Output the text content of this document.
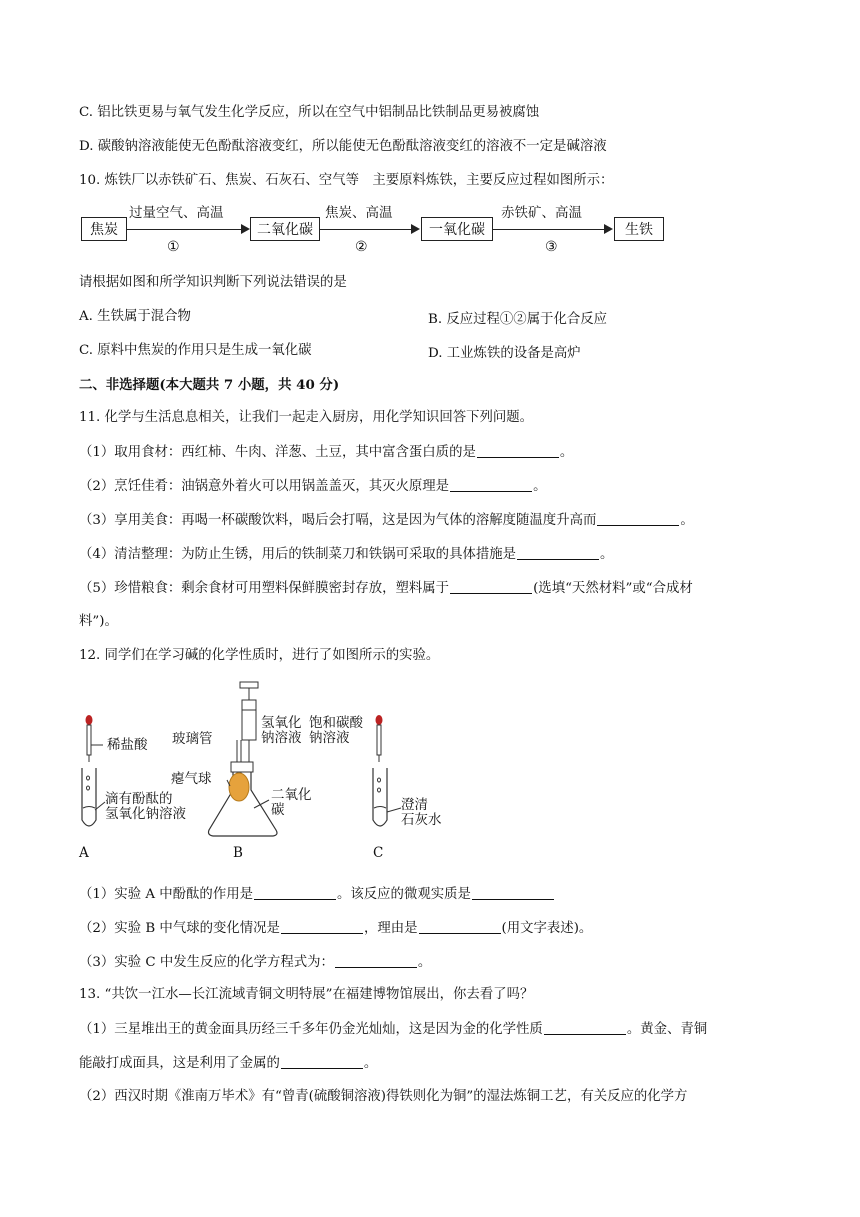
C. 铝比铁更易与氧气发生化学反应，所以在空气中铝制品比铁制品更易被腐蚀
D. 碳酸钠溶液能使无色酚酞溶液变红，所以能使无色酚酞溶液变红的溶液不一定是碱溶液
10. 炼铁厂以赤铁矿石、焦炭、石灰石、空气等　主要原料炼铁，主要反应过程如图所示：
焦炭
过量空气、高温
①
二氧化碳
焦炭、高温
②
一氧化碳
赤铁矿、高温
③
生铁
请根据如图和所学知识判断下列说法错误的是
A. 生铁属于混合物	B. 反应过程①②属于化合反应
C. 原料中焦炭的作用只是生成一氧化碳	D. 工业炼铁的设备是高炉
二、非选择题(本大题共 7 小题，共 40 分)
11. 化学与生活息息相关，让我们一起走入厨房，用化学知识回答下列问题。
（1）取用食材：西红柿、牛肉、洋葱、土豆，其中富含蛋白质的是	。
（2）烹饪佳肴：油锅意外着火可以用锅盖盖灭，其灭火原理是	。
（3）享用美食：再喝一杯碳酸饮料，喝后会打嗝，这是因为气体的溶解度随温度升高而	。
（4）清洁整理：为防止生锈，用后的铁制菜刀和铁锅可采取的具体措施是	。
（5）珍惜粮食：剩余食材可用塑料保鲜膜密封存放，塑料属于	(选填“天然材料”或“合成材
料”)。
12. 同学们在学习碱的化学性质时，进行了如图所示的实验。
稀盐酸
滴有酚酞的
氢氧化钠溶液
玻璃管
氢氧化
钠溶液
瘪气球
二氧化
碳
饱和碳酸
钠溶液
澄清
石灰水
A	B	C
（1）实验 A 中酚酞的作用是	。该反应的微观实质是
（2）实验 B 中气球的变化情况是	，理由是	(用文字表述)。
（3）实验 C 中发生反应的化学方程式为：	。
13. “共饮一江水—长江流域青铜文明特展”在福建博物馆展出，你去看了吗？
（1）三星堆出王的黄金面具历经三千多年仍金光灿灿，这是因为金的化学性质	。黄金、青铜
能敲打成面具，这是利用了金属的	。
（2）西汉时期《淮南万毕术》有“曾青(硫酸铜溶液)得铁则化为铜”的湿法炼铜工艺，有关反应的化学方
